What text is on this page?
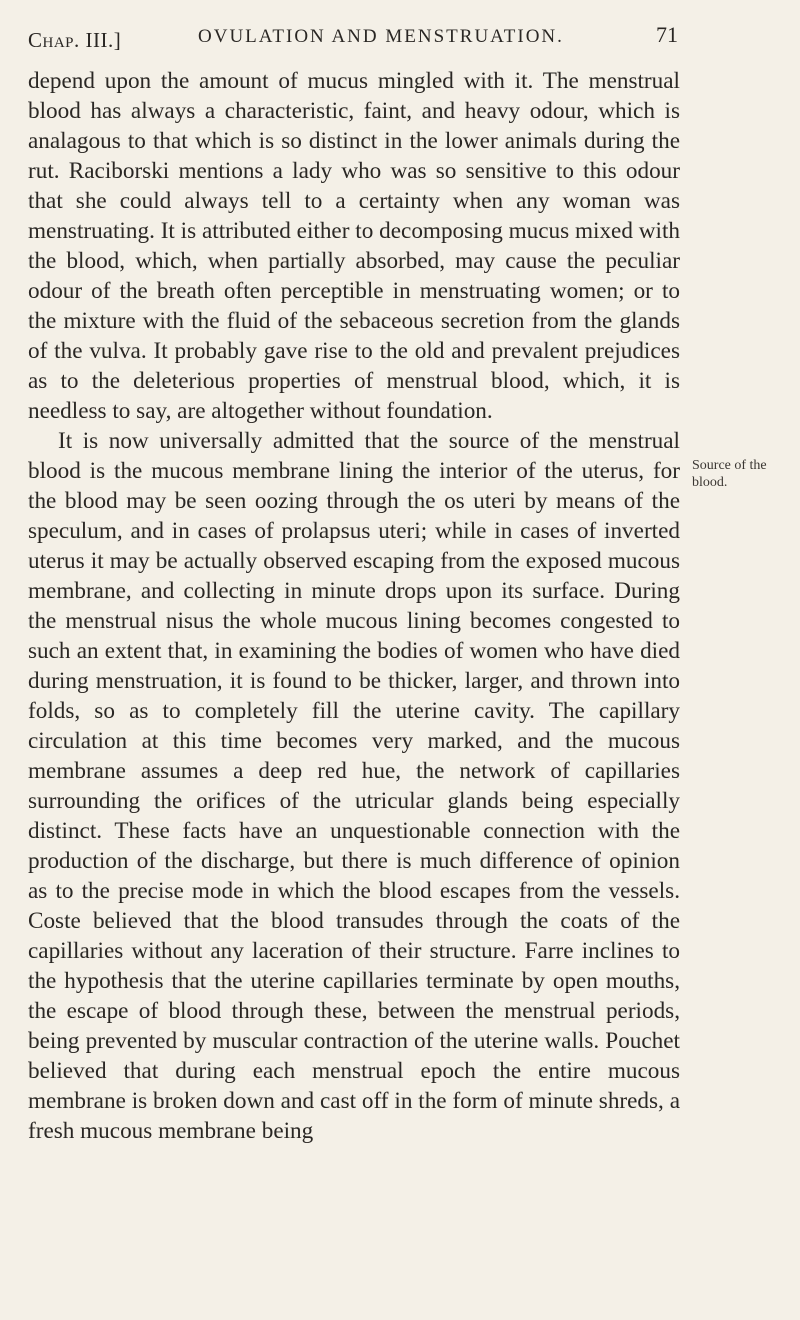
Chap. III.]	OVULATION AND MENSTRUATION.	71

depend upon the amount of mucus mingled with it. The menstrual blood has always a characteristic, faint, and heavy odour, which is analagous to that which is so distinct in the lower animals during the rut. Raciborski mentions a lady who was so sensitive to this odour that she could always tell to a certainty when any woman was menstruating. It is attributed either to decomposing mucus mixed with the blood, which, when partially absorbed, may cause the peculiar odour of the breath often perceptible in menstruating women; or to the mixture with the fluid of the sebaceous secretion from the glands of the vulva. It probably gave rise to the old and prevalent prejudices as to the deleterious properties of menstrual blood, which, it is needless to say, are altogether without foundation.

It is now universally admitted that the source of the menstrual blood is the mucous membrane lining the interior of the uterus, for the blood may be seen oozing through the os uteri by means of the speculum, and in cases of prolapsus uteri; while in cases of inverted uterus it may be actually observed escaping from the exposed mucous membrane, and collecting in minute drops upon its surface. During the menstrual nisus the whole mucous lining becomes congested to such an extent that, in examining the bodies of women who have died during menstruation, it is found to be thicker, larger, and thrown into folds, so as to completely fill the uterine cavity. The capillary circulation at this time becomes very marked, and the mucous membrane assumes a deep red hue, the network of capillaries surrounding the orifices of the utricular glands being especially distinct. These facts have an unquestionable connection with the production of the discharge, but there is much difference of opinion as to the precise mode in which the blood escapes from the vessels. Coste believed that the blood transudes through the coats of the capillaries without any laceration of their structure. Farre inclines to the hypothesis that the uterine capillaries terminate by open mouths, the escape of blood through these, between the menstrual periods, being prevented by muscular contraction of the uterine walls. Pouchet believed that during each menstrual epoch the entire mucous membrane is broken down and cast off in the form of minute shreds, a fresh mucous membrane being

Source of the blood.
